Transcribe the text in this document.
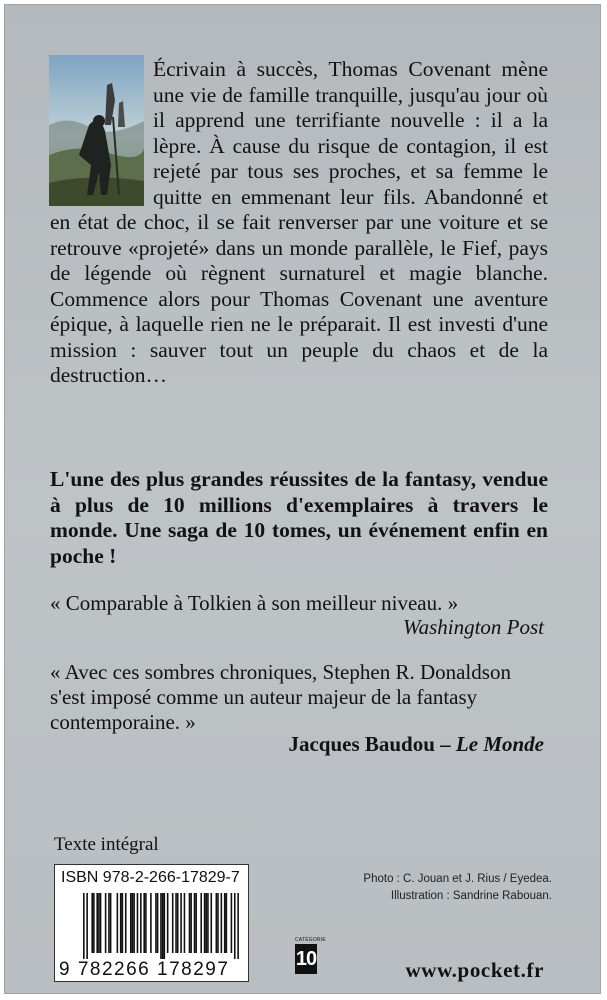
Écrivain à succès, Thomas Covenant mène une vie de famille tranquille, jusqu'au jour où il apprend une terrifiante nouvelle : il a la lèpre. À cause du risque de contagion, il est rejeté par tous ses proches, et sa femme le quitte en emmenant leur fils. Abandonné et en état de choc, il se fait renverser par une voiture et se retrouve «projeté» dans un monde parallèle, le Fief, pays de légende où règnent surnaturel et magie blanche. Commence alors pour Thomas Covenant une aventure épique, à laquelle rien ne le préparait. Il est investi d'une mission : sauver tout un peuple du chaos et de la destruction…

L'une des plus grandes réussites de la fantasy, vendue à plus de 10 millions d'exemplaires à travers le monde. Une saga de 10 tomes, un événement enfin en poche !

« Comparable à Tolkien à son meilleur niveau. »

Washington Post

« Avec ces sombres chroniques, Stephen R. Donaldson s'est imposé comme un auteur majeur de la fantasy contemporaine. »

Jacques Baudou – Le Monde

Texte intégral
ISBN 978-2-266-17829-7
9 782266 178297
Photo : C. Jouan et J. Rius / Eyedea.
Illustration : Sandrine Rabouan.
CATÉGORIE
10	www.pocket.fr
